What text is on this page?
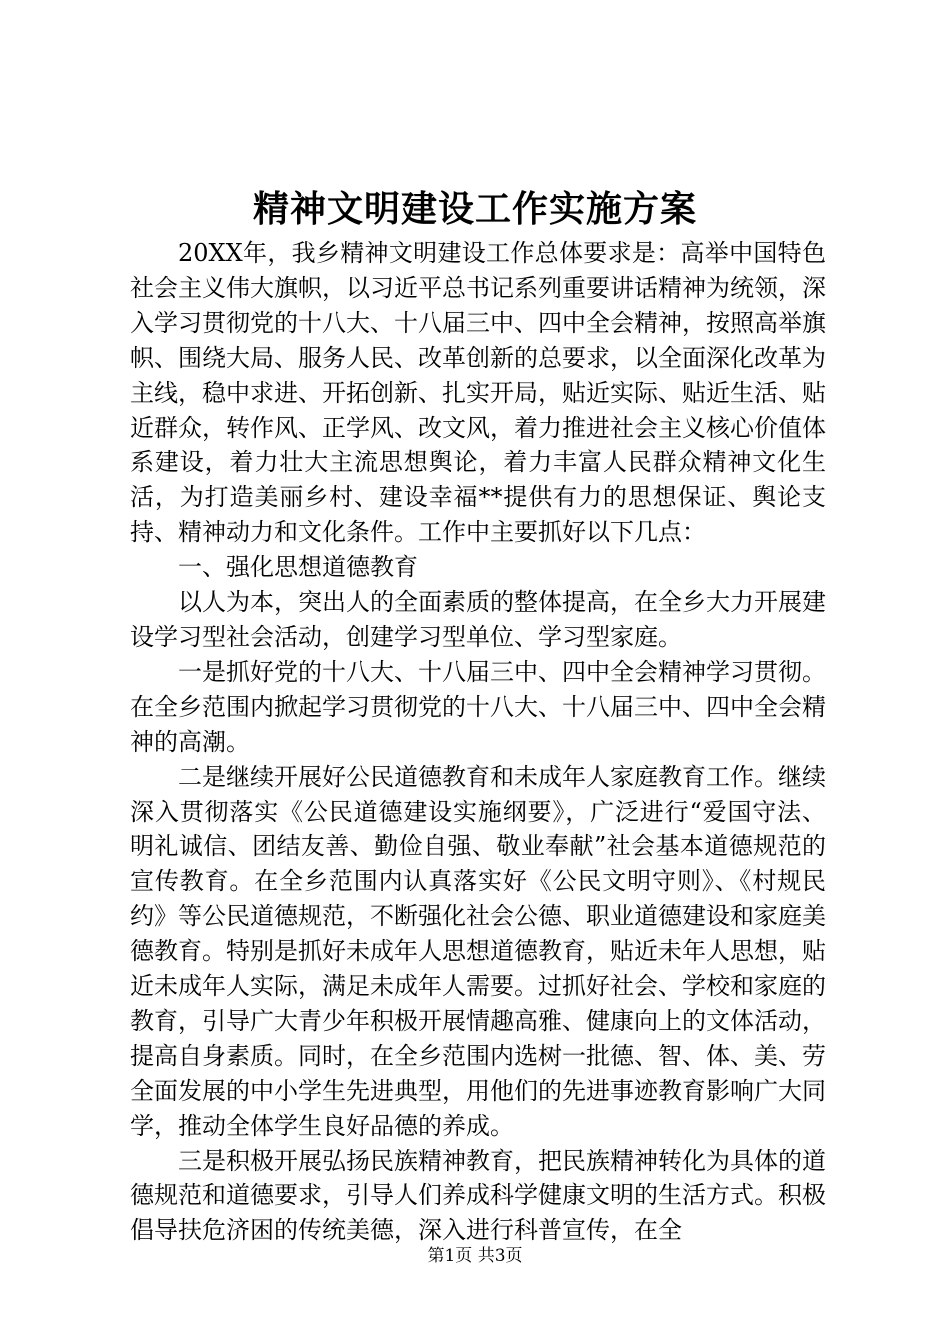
精神文明建设工作实施方案

20XX年，我乡精神文明建设工作总体要求是：高举中国特色社会主义伟大旗帜，以习近平总书记系列重要讲话精神为统领，深入学习贯彻党的十八大、十八届三中、四中全会精神，按照高举旗帜、围绕大局、服务人民、改革创新的总要求，以全面深化改革为主线，稳中求进、开拓创新、扎实开局，贴近实际、贴近生活、贴近群众，转作风、正学风、改文风，着力推进社会主义核心价值体系建设，着力壮大主流思想舆论，着力丰富人民群众精神文化生活，为打造美丽乡村、建设幸福**提供有力的思想保证、舆论支持、精神动力和文化条件。工作中主要抓好以下几点：

一、强化思想道德教育

以人为本，突出人的全面素质的整体提高，在全乡大力开展建设学习型社会活动，创建学习型单位、学习型家庭。

一是抓好党的十八大、十八届三中、四中全会精神学习贯彻。在全乡范围内掀起学习贯彻党的十八大、十八届三中、四中全会精神的高潮。

二是继续开展好公民道德教育和未成年人家庭教育工作。继续深入贯彻落实《公民道德建设实施纲要》，广泛进行“爱国守法、明礼诚信、团结友善、勤俭自强、敬业奉献”社会基本道德规范的宣传教育。在全乡范围内认真落实好《公民文明守则》、《村规民约》等公民道德规范，不断强化社会公德、职业道德建设和家庭美德教育。特别是抓好未成年人思想道德教育，贴近未年人思想，贴近未成年人实际，满足未成年人需要。过抓好社会、学校和家庭的教育，引导广大青少年积极开展情趣高雅、健康向上的文体活动，提高自身素质。同时，在全乡范围内选树一批德、智、体、美、劳全面发展的中小学生先进典型，用他们的先进事迹教育影响广大同学，推动全体学生良好品德的养成。

三是积极开展弘扬民族精神教育，把民族精神转化为具体的道德规范和道德要求，引导人们养成科学健康文明的生活方式。积极倡导扶危济困的传统美德，深入进行科普宣传，在全

第1页 共3页
